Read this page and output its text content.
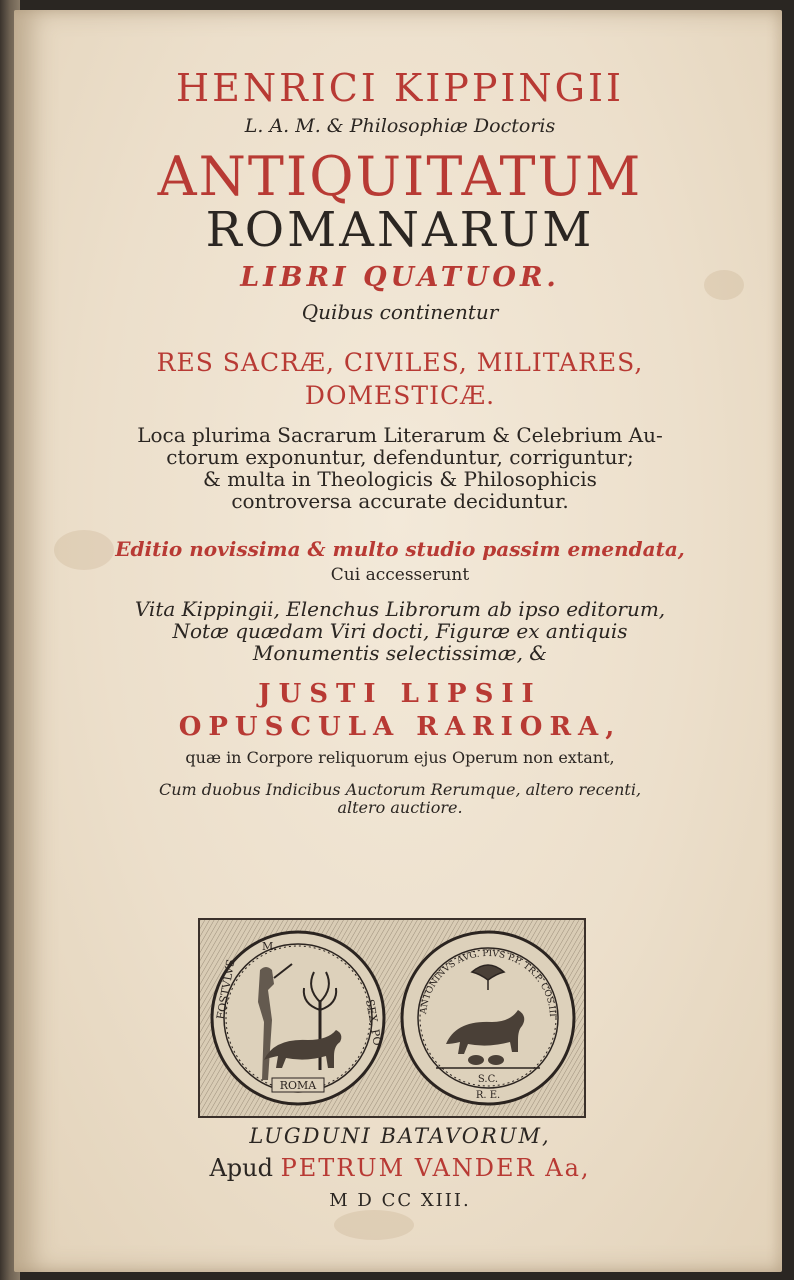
HENRICI KIPPINGII
L. A. M. & Philosophiæ Doctoris
ANTIQUITATUM
ROMANARUM
LIBRI QUATUOR.
Quibus continentur
RES SACRÆ, CIVILES, MILITARES,
DOMESTICÆ.
Loca plurima Sacrarum Literarum & Celebrium Au-
ctorum exponuntur, defenduntur, corriguntur;
& multa in Theologicis & Philosophicis
controversa accurate deciduntur.
Editio novissima & multo studio passim emendata,
Cui accesserunt
Vita Kippingii, Elenchus Librorum ab ipso editorum,
Notæ quædam Viri docti, Figuræ ex antiquis
Monumentis selectissimæ, &
JUSTI LIPSII
OPUSCULA RARIORA,
quæ in Corpore reliquorum ejus Operum non extant,
Cum duobus Indicibus Auctorum Rerumque, altero recenti,
altero auctiore.
ROMA
M.
FOSTVLVS
SEX. PO	ANTONINVS AVG. PIVS P.P. TR.P. COS.III
S.C.
R. E.

LUGDUNI BATAVORUM,

Apud PETRUM VANDER Aa,

M D CC XIII.
